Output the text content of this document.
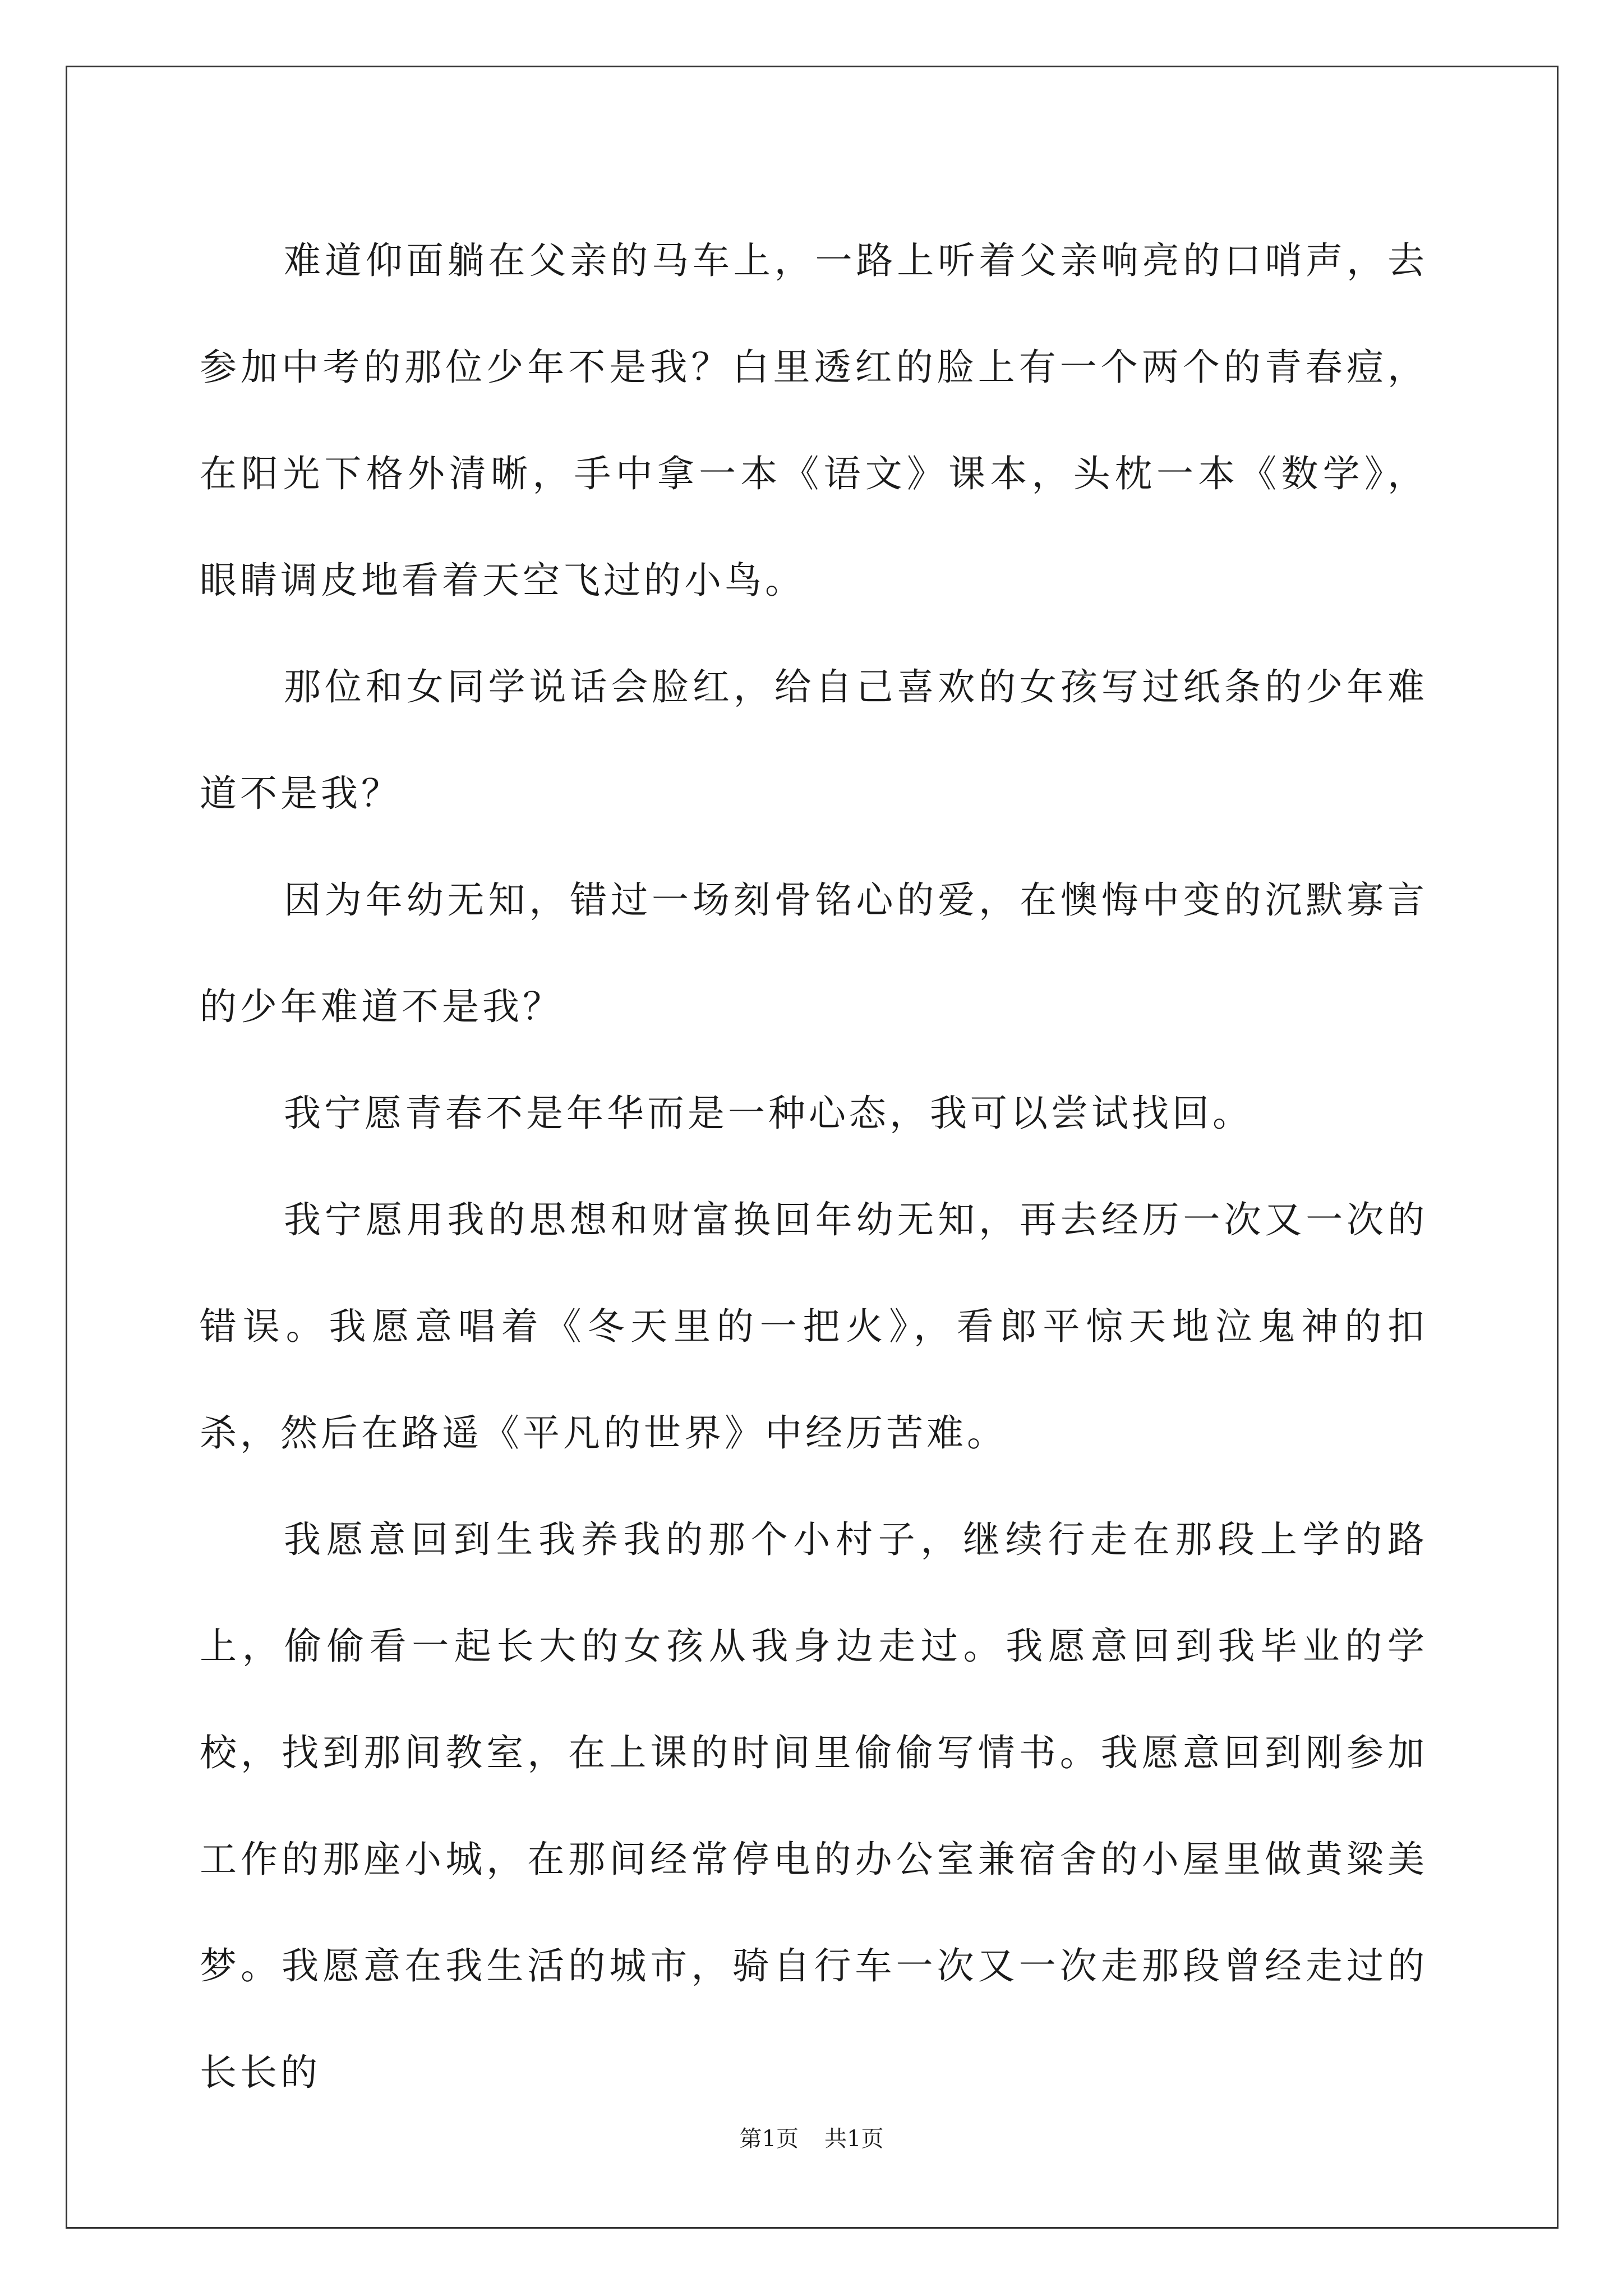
难道仰面躺在父亲的马车上，一路上听着父亲响亮的口哨声，去参加中考的那位少年不是我？白里透红的脸上有一个两个的青春痘，在阳光下格外清晰，手中拿一本《语文》课本，头枕一本《数学》，眼睛调皮地看着天空飞过的小鸟。

那位和女同学说话会脸红，给自己喜欢的女孩写过纸条的少年难道不是我？

因为年幼无知，错过一场刻骨铭心的爱，在懊悔中变的沉默寡言的少年难道不是我？

我宁愿青春不是年华而是一种心态，我可以尝试找回。

我宁愿用我的思想和财富换回年幼无知，再去经历一次又一次的错误。我愿意唱着《冬天里的一把火》，看郎平惊天地泣鬼神的扣杀，然后在路遥《平凡的世界》中经历苦难。

我愿意回到生我养我的那个小村子，继续行走在那段上学的路上，偷偷看一起长大的女孩从我身边走过。我愿意回到我毕业的学校，找到那间教室，在上课的时间里偷偷写情书。我愿意回到刚参加工作的那座小城，在那间经常停电的办公室兼宿舍的小屋里做黄粱美梦。我愿意在我生活的城市，骑自行车一次又一次走那段曾经走过的长长的

第1页 共1页
